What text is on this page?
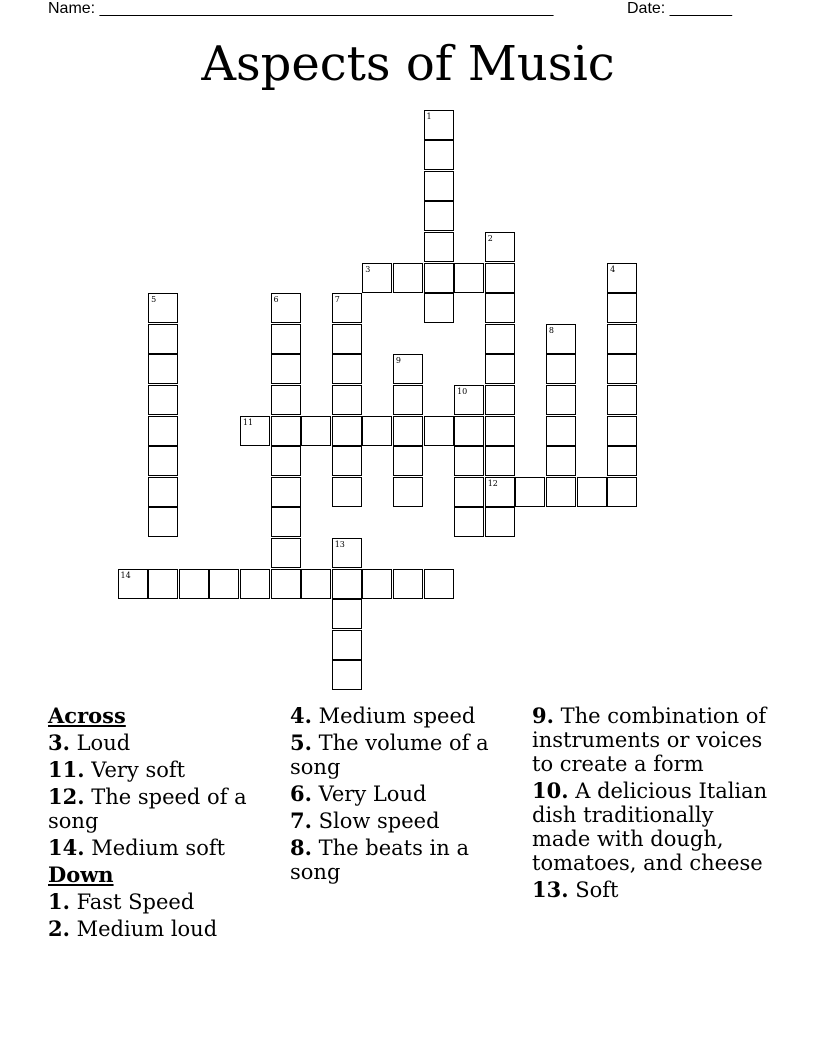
Name: ___________________________________________________	Date: _______
Aspects of Music
1
2
12
3	4
5	6	7
8
9
10
11
13
14
Across
3. Loud
11. Very soft
12. The speed of a song
14. Medium soft
Down
1. Fast Speed
2. Medium loud
4. Medium speed
5. The volume of a song
6. Very Loud
7. Slow speed
8. The beats in a song
9. The combination of instruments or voices to create a form
10. A delicious Italian dish traditionally made with dough, tomatoes, and cheese
13. Soft
